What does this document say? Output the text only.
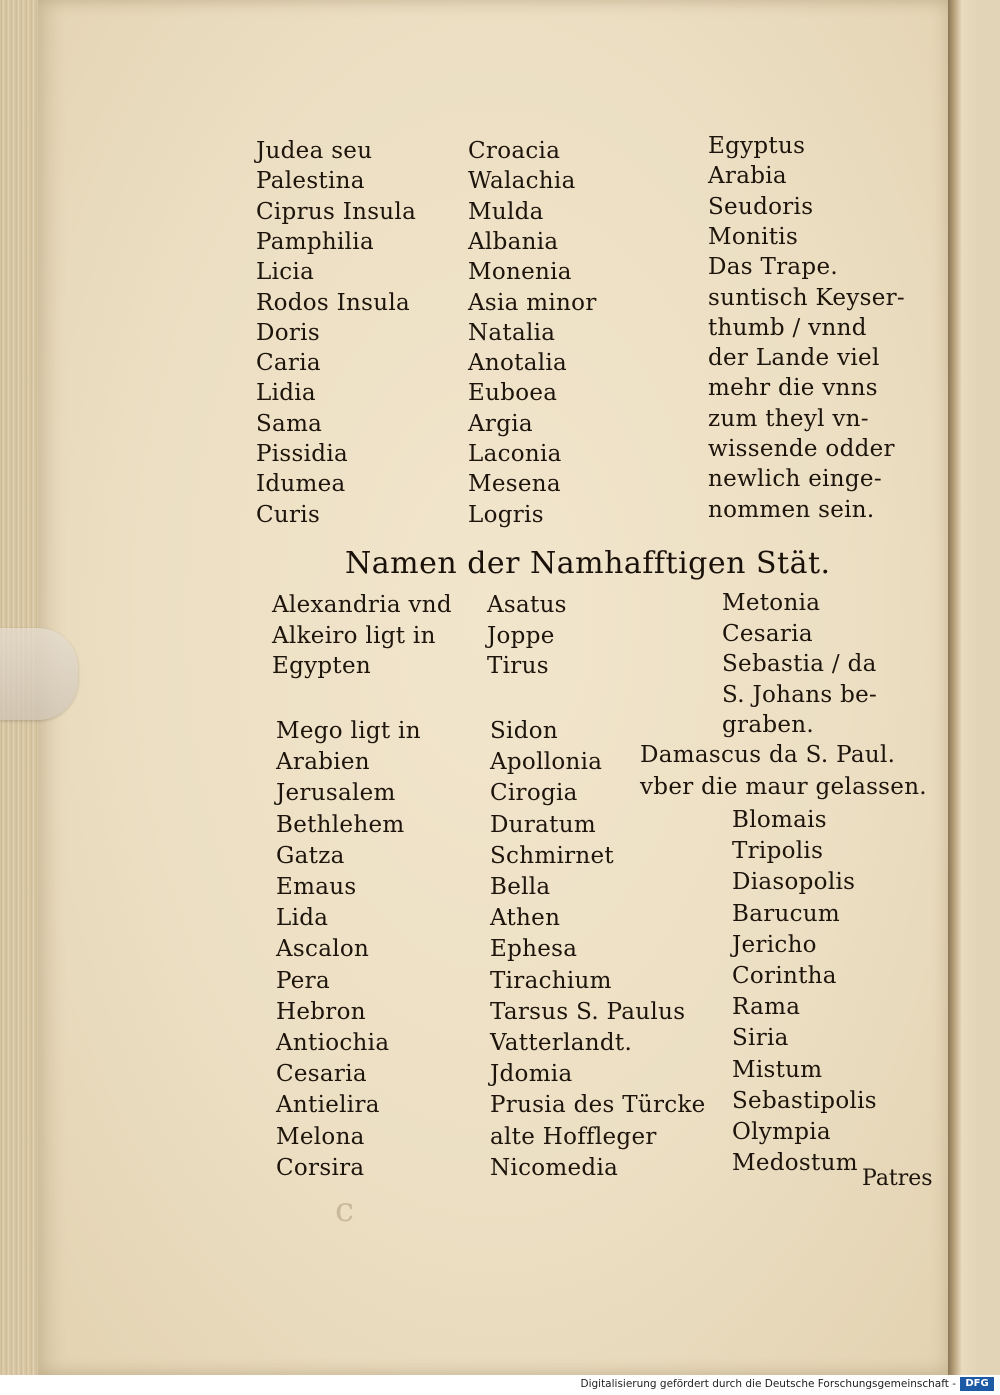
c
Judea seu
Palestina
Ciprus Insula
Pamphilia
Licia
Rodos Insula
Doris
Caria
Lidia
Sama
Pissidia
Idumea
Curis
Croacia
Walachia
Mulda
Albania
Monenia
Asia minor
Natalia
Anotalia
Euboea
Argia
Laconia
Mesena
Logris
Egyptus
Arabia
Seudoris
Monitis
Das Trape.
suntisch Keyser-
thumb / vnnd
der Lande viel
mehr die vnns
zum theyl vn-
wissende odder
newlich einge-
nommen sein.
Namen der Namhafftigen Stät.
Alexandria vnd
Alkeiro ligt in
Egypten
Asatus
Joppe
Tirus
Metonia
Cesaria
Sebastia / da
S. Johans be-
graben.
Mego ligt in
Arabien
Jerusalem
Bethlehem
Gatza
Emaus
Lida
Ascalon
Pera
Hebron
Antiochia
Cesaria
Antielira
Melona
Corsira
Sidon
Apollonia
Cirogia
Duratum
Schmirnet
Bella
Athen
Ephesa
Tirachium
Tarsus S. Paulus
Vatterlandt.
Jdomia
Prusia des Türcke
alte Hoffleger
Nicomedia
Damascus da S. Paul.
vber die maur gelassen.
Blomais
Tripolis
Diasopolis
Barucum
Jericho
Corintha
Rama
Siria
Mistum
Sebastipolis
Olympia
Medostum
Patres
Digitalisierung gefördert durch die Deutsche Forschungsgemeinschaft - DFG
